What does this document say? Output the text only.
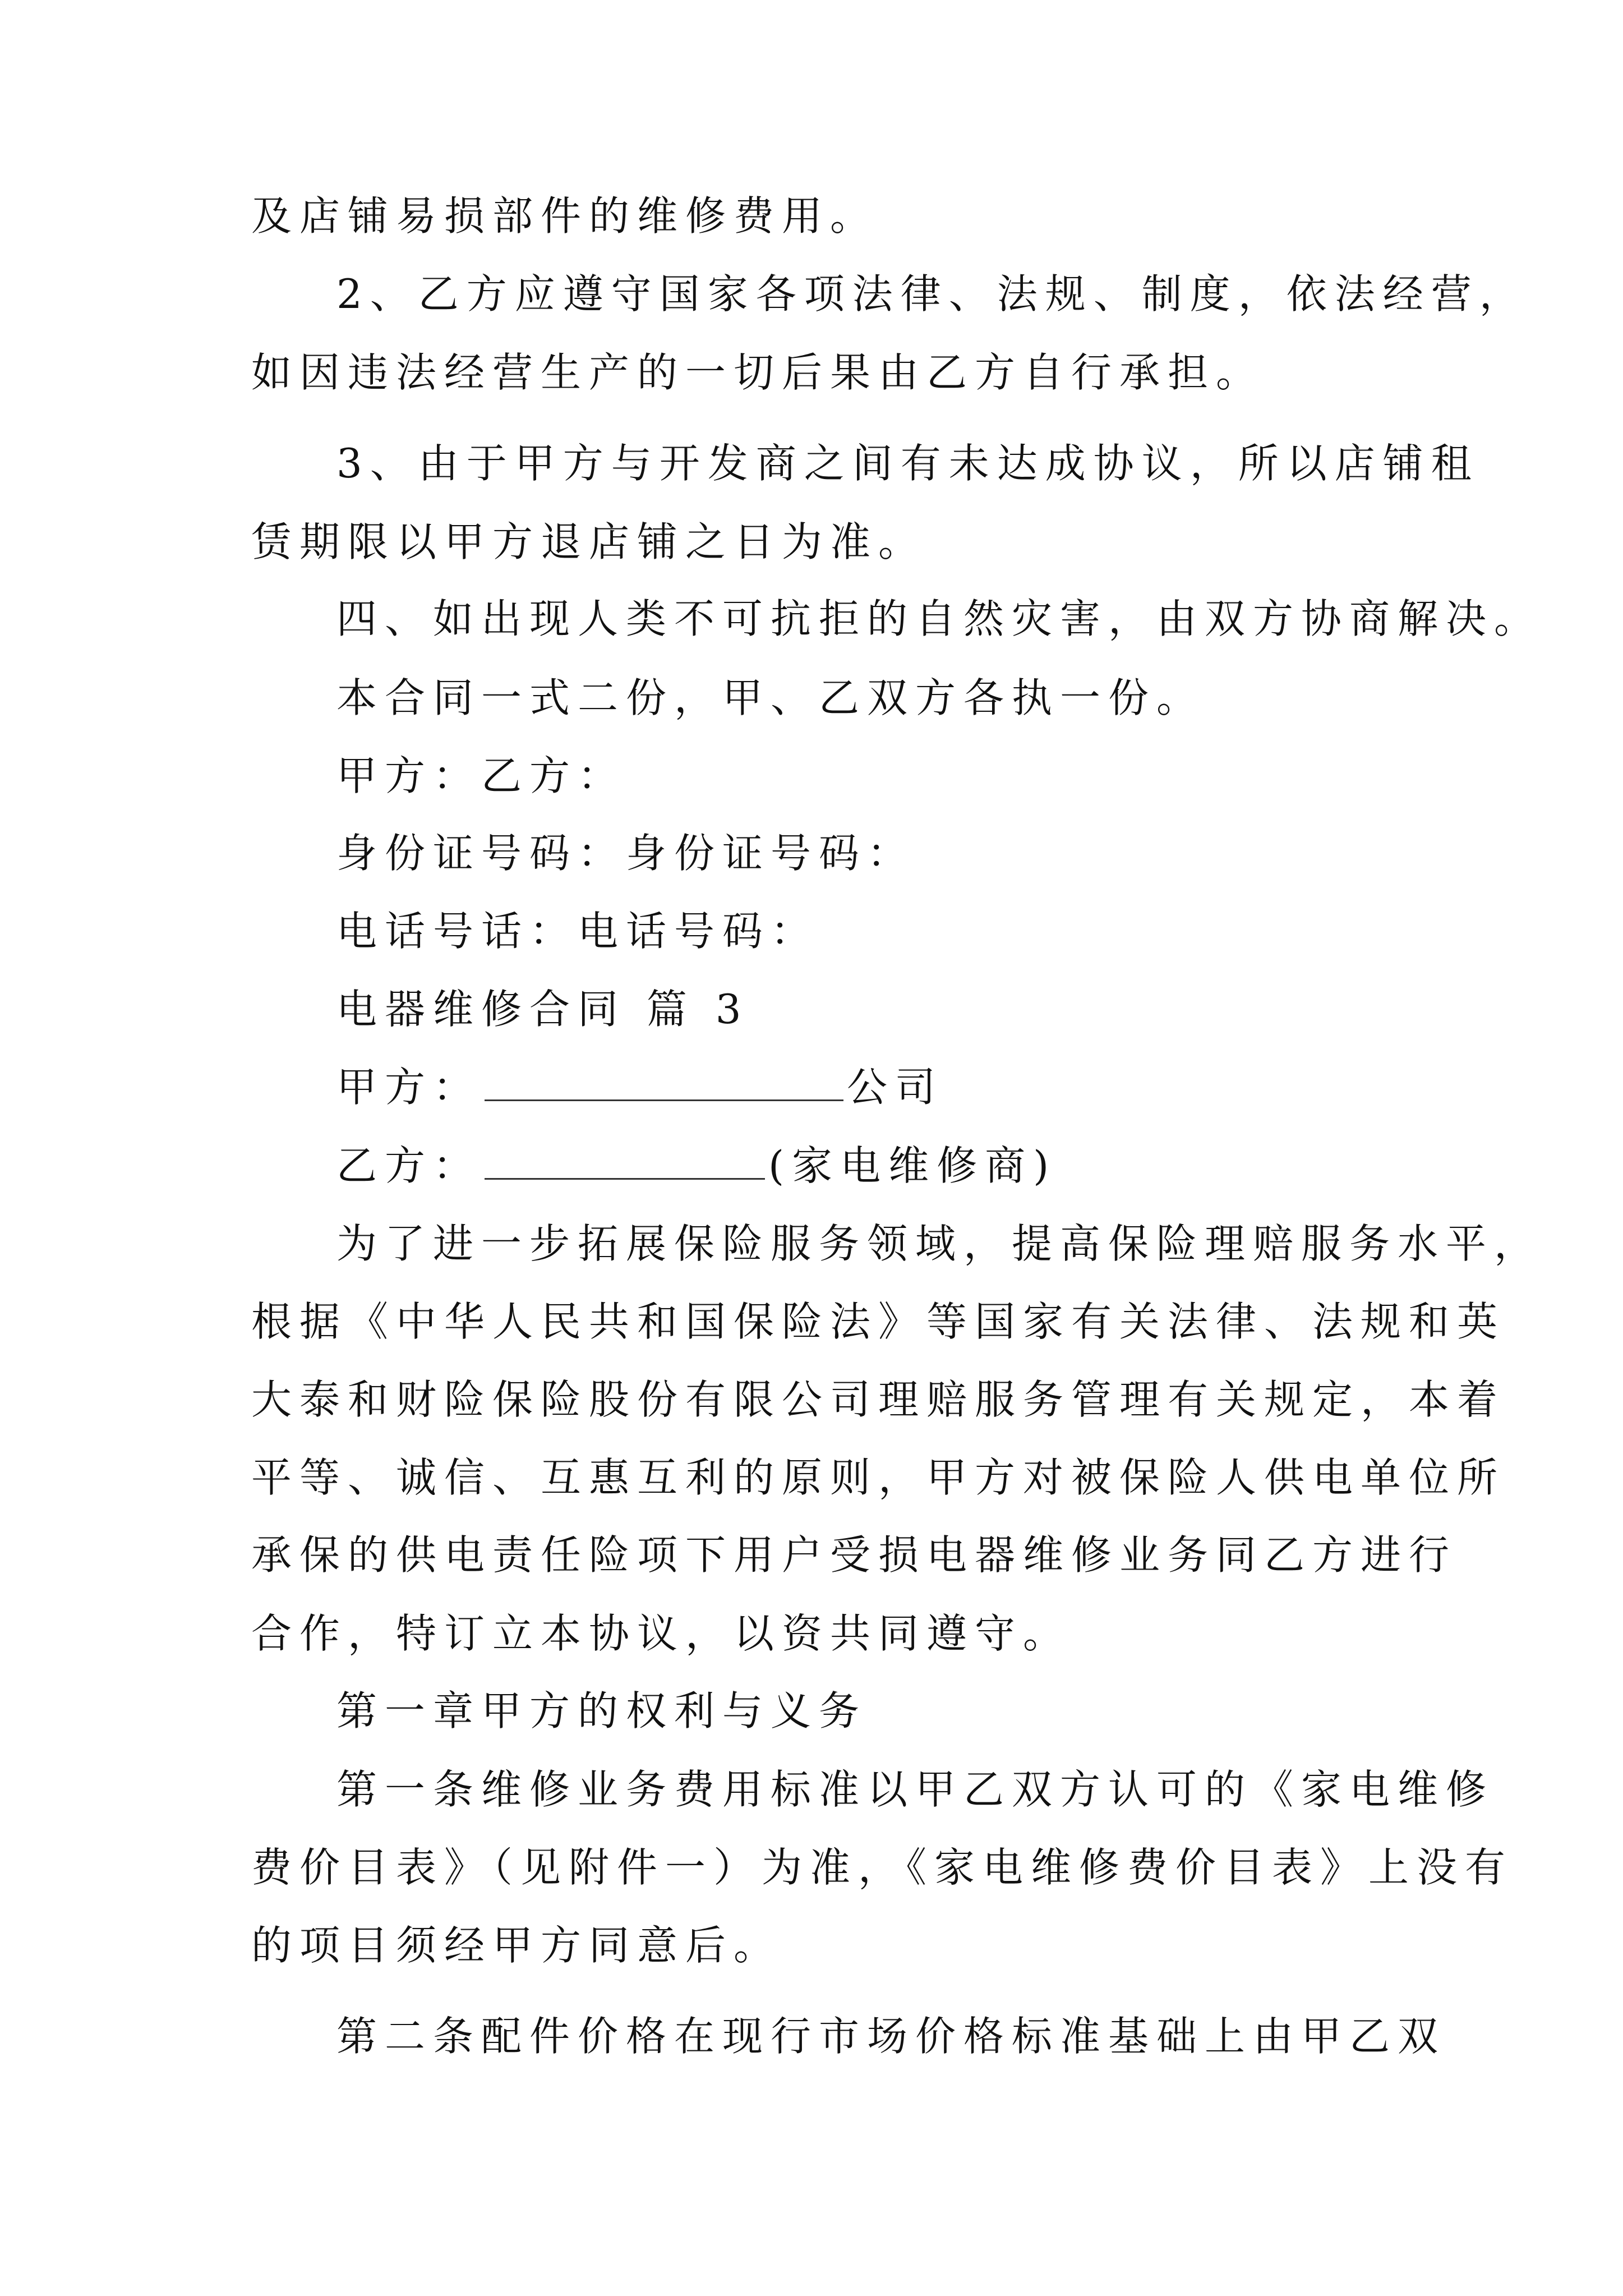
及店铺易损部件的维修费用。
2、乙方应遵守国家各项法律、法规、制度，依法经营，
如因违法经营生产的一切后果由乙方自行承担。
3、由于甲方与开发商之间有未达成协议，所以店铺租
赁期限以甲方退店铺之日为准。
四、如出现人类不可抗拒的自然灾害，由双方协商解决。
本合同一式二份，甲、乙双方各执一份。
甲方：乙方：
身份证号码：身份证号码：
电话号话：电话号码：
电器维修合同 篇 3
甲方：	公司
乙方：	(家电维修商)
为了进一步拓展保险服务领域，提高保险理赔服务水平，
根据《中华人民共和国保险法》等国家有关法律、法规和英
大泰和财险保险股份有限公司理赔服务管理有关规定，本着
平等、诚信、互惠互利的原则，甲方对被保险人供电单位所
承保的供电责任险项下用户受损电器维修业务同乙方进行
合作，特订立本协议，以资共同遵守。
第一章甲方的权利与义务
第一条维修业务费用标准以甲乙双方认可的《家电维修
费价目表》（见附件一）为准，《家电维修费价目表》上没有
的项目须经甲方同意后。
第二条配件价格在现行市场价格标准基础上由甲乙双
